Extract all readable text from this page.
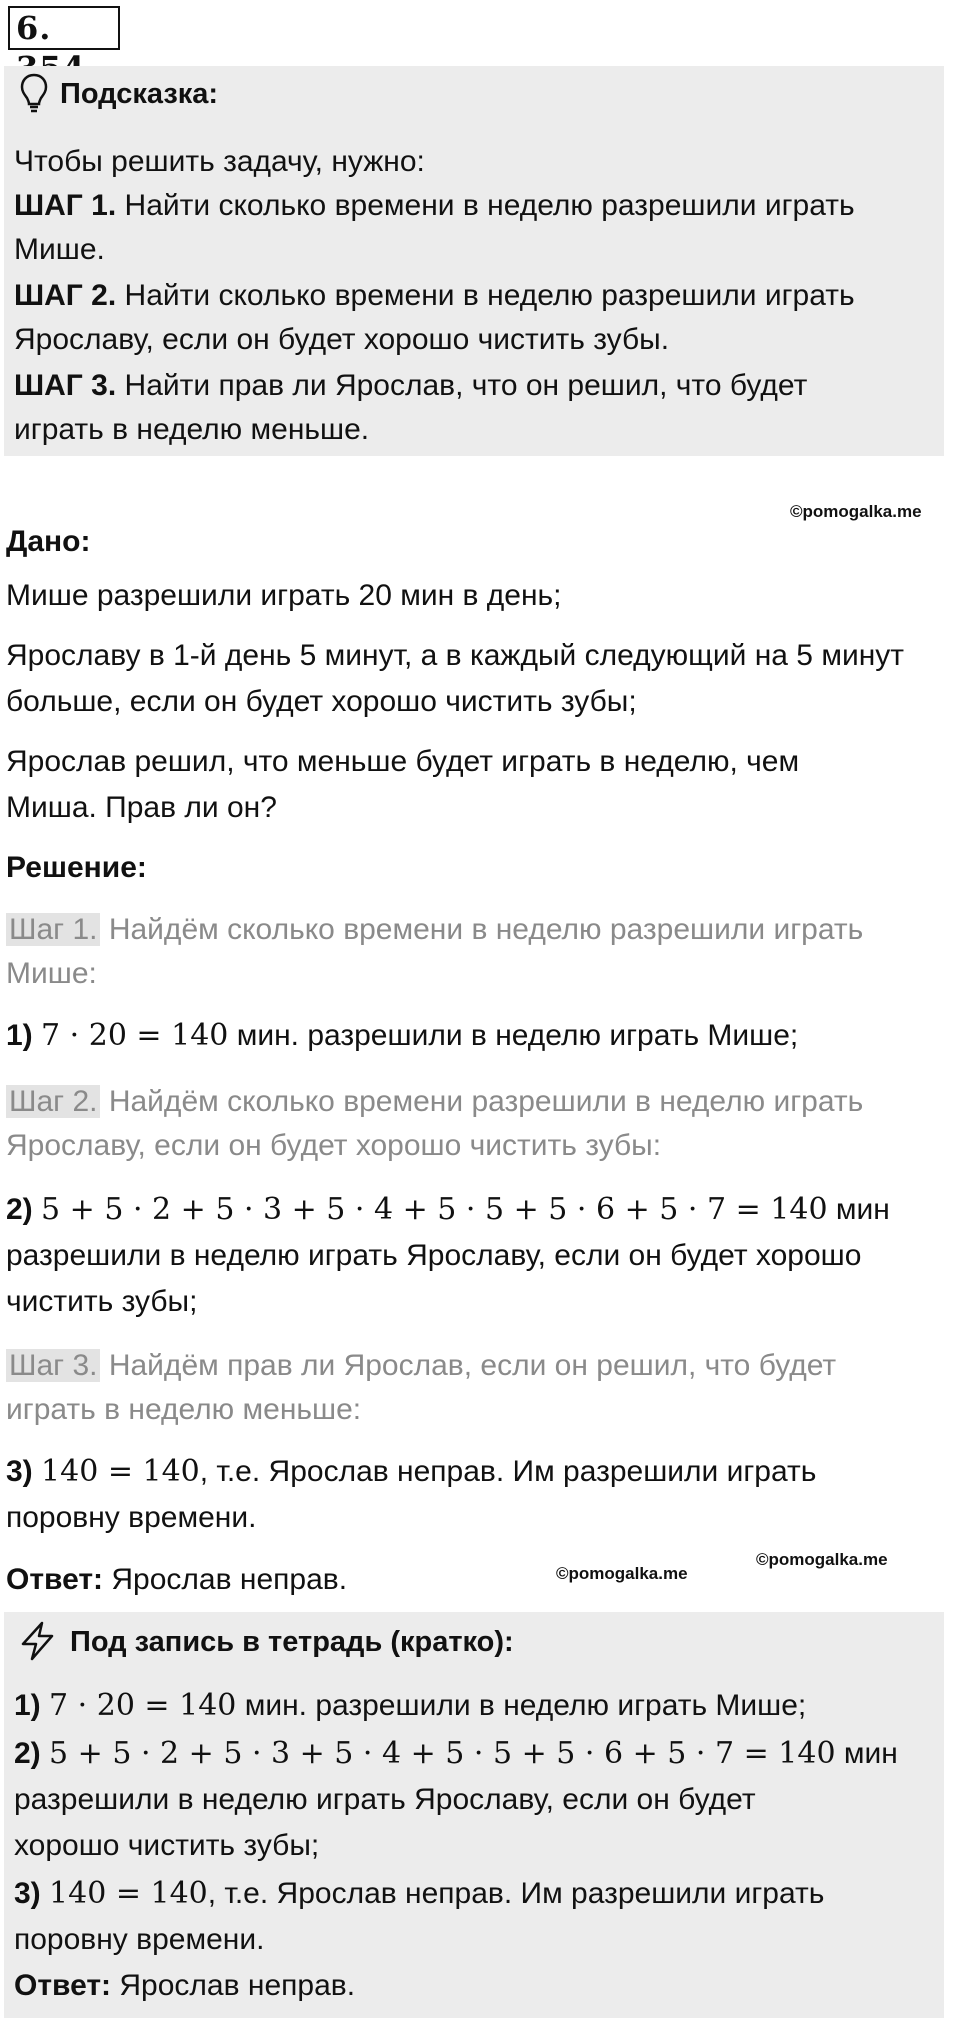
6.
Подсказка:
Чтобы решить задачу, нужно:
ШАГ 1. Найти сколько времени в неделю разрешили играть
Мише.
ШАГ 2. Найти сколько времени в неделю разрешили играть
Ярославу, если он будет хорошо чистить зубы.
ШАГ 3. Найти прав ли Ярослав, что он решил, что будет
играть в неделю меньше.
©pomogalka.me
Дано:
Мише разрешили играть 20 мин в день;
Ярославу в 1-й день 5 минут, а в каждый следующий на 5 минут
больше, если он будет хорошо чистить зубы;
Ярослав решил, что меньше будет играть в неделю, чем
Миша. Прав ли он?
Решение:
Шаг 1. Найдём сколько времени в неделю разрешили играть
Мише:
1) 7 · 20 = 140 мин. разрешили в неделю играть Мише;
Шаг 2. Найдём сколько времени разрешили в неделю играть
Ярославу, если он будет хорошо чистить зубы:
2) 5 + 5 · 2 + 5 · 3 + 5 · 4 + 5 · 5 + 5 · 6 + 5 · 7 = 140 мин
разрешили в неделю играть Ярославу, если он будет хорошо
чистить зубы;
Шаг 3. Найдём прав ли Ярослав, если он решил, что будет
играть в неделю меньше:
3) 140 = 140, т.е. Ярослав неправ. Им разрешили играть
поровну времени.
Ответ: Ярослав неправ.	©pomogalka.me
©pomogalka.me
Под запись в тетрадь (кратко):
1) 7 · 20 = 140 мин. разрешили в неделю играть Мише;
2) 5 + 5 · 2 + 5 · 3 + 5 · 4 + 5 · 5 + 5 · 6 + 5 · 7 = 140 мин
разрешили в неделю играть Ярославу, если он будет
хорошо чистить зубы;
3) 140 = 140, т.е. Ярослав неправ. Им разрешили играть
поровну времени.
Ответ: Ярослав неправ.
